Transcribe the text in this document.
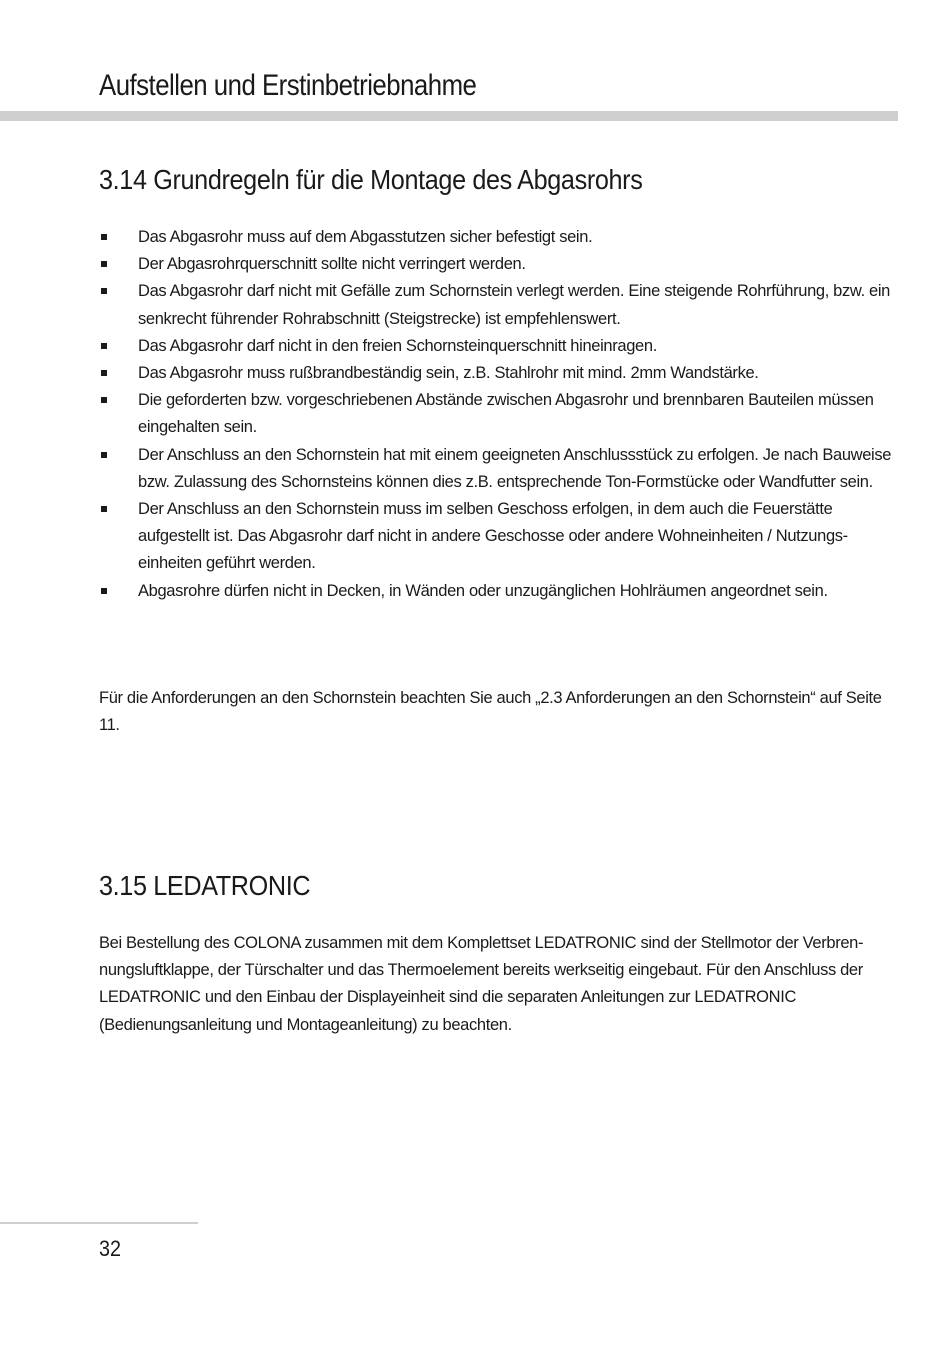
Aufstellen und Erstinbetriebnahme
3.14 Grundregeln für die Montage des Abgasrohrs
Das Abgasrohr muss auf dem Abgasstutzen sicher befestigt sein.
Der Abgasrohrquerschnitt sollte nicht verringert werden.
Das Abgasrohr darf nicht mit Gefälle zum Schornstein verlegt werden. Eine steigende Rohrführung, bzw. ein senkrecht führender Rohrabschnitt (Steigstrecke) ist empfehlenswert.
Das Abgasrohr darf nicht in den freien Schornsteinquerschnitt hineinragen.
Das Abgasrohr muss rußbrandbeständig sein, z.B. Stahlrohr mit mind. 2mm Wandstärke.
Die geforderten bzw. vorgeschriebenen Abstände zwischen Abgasrohr und brennbaren Bauteilen müssen eingehalten sein.
Der Anschluss an den Schornstein hat mit einem geeigneten Anschlussstück zu erfolgen. Je nach Bauweise bzw. Zulassung des Schornsteins können dies z.B. entsprechende Ton-Formstücke oder Wandfutter sein.
Der Anschluss an den Schornstein muss im selben Geschoss erfolgen, in dem auch die Feuerstätte aufgestellt ist. Das Abgasrohr darf nicht in andere Geschosse oder andere Wohneinheiten / Nutzungs-einheiten geführt werden.
Abgasrohre dürfen nicht in Decken, in Wänden oder unzugänglichen Hohlräumen angeordnet sein.

Für die Anforderungen an den Schornstein beachten Sie auch „2.3 Anforderungen an den Schornstein“ auf Seite 11.

3.15 LEDATRONIC

Bei Bestellung des COLONA zusammen mit dem Komplettset LEDATRONIC sind der Stellmotor der Verbren-nungsluftklappe, der Türschalter und das Thermoelement bereits werkseitig eingebaut. Für den Anschluss der LEDATRONIC und den Einbau der Displayeinheit sind die separaten Anleitungen zur LEDATRONIC (Bedienungsanleitung und Montageanleitung) zu beachten.

32
